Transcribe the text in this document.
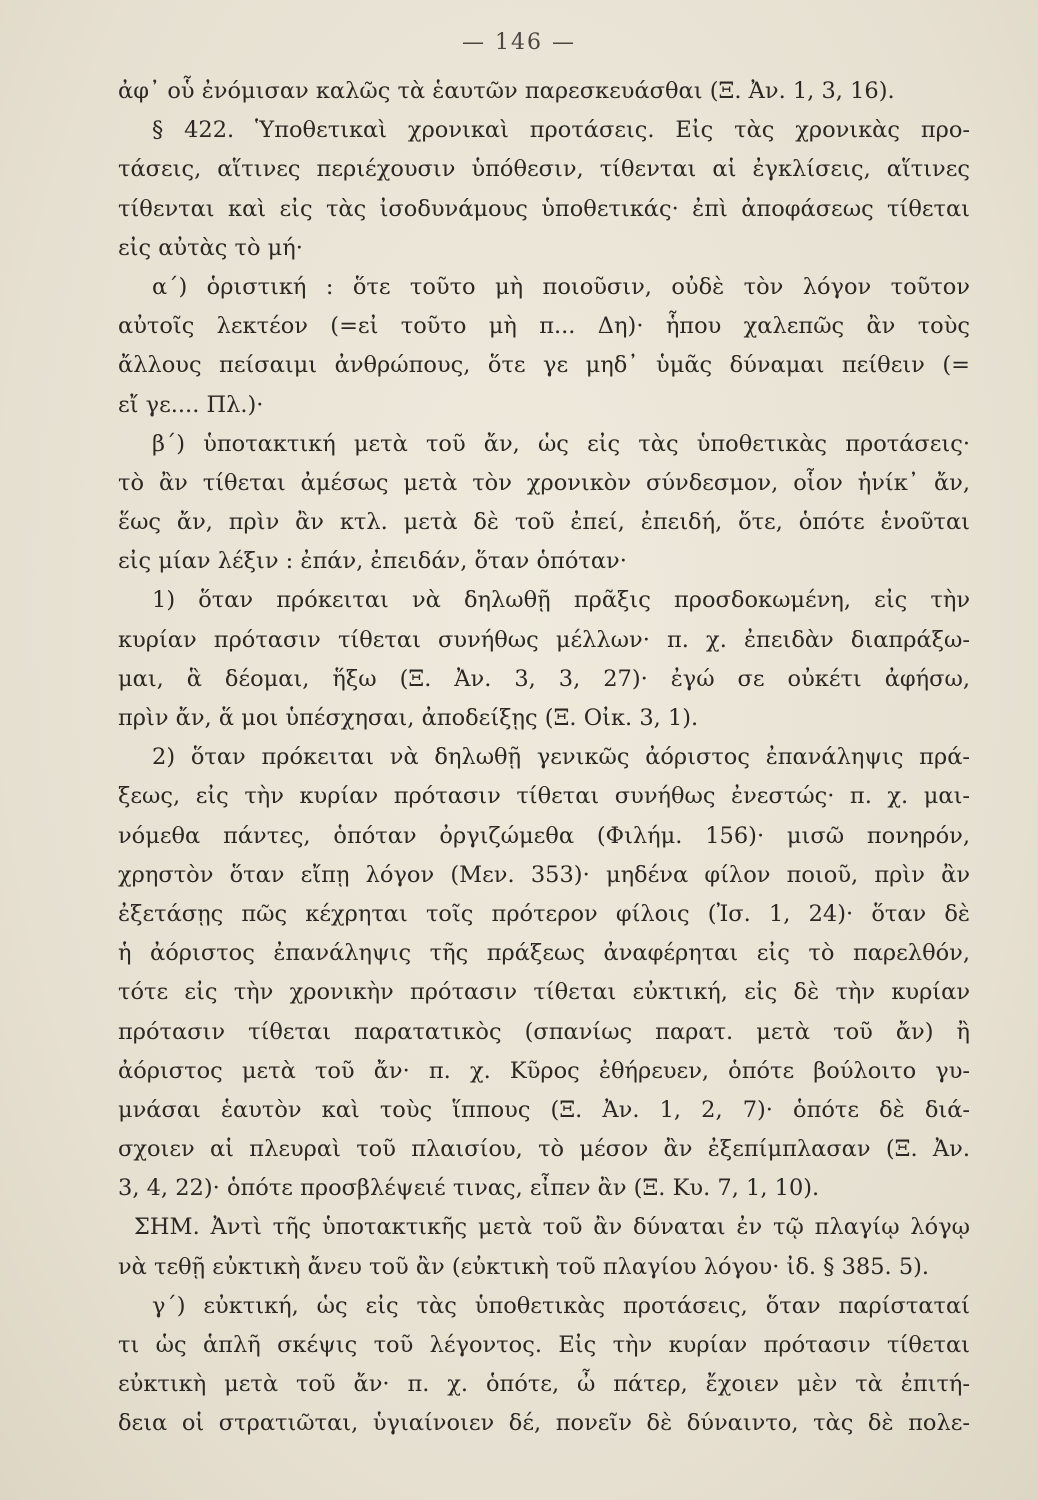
— 146 —
ἀφ᾽ οὗ ἐνόμισαν καλῶς τὰ ἑαυτῶν παρεσκευάσθαι (Ξ. Ἀν. 1, 3, 16).
§ 422. Ὑποθετικαὶ χρονικαὶ προτάσεις. Εἰς τὰς χρονικὰς προ-
τάσεις, αἵτινες περιέχουσιν ὑπόθεσιν, τίθενται αἱ ἐγκλίσεις, αἵτινες
τίθενται καὶ εἰς τὰς ἰσοδυνάμους ὑποθετικάς· ἐπὶ ἀποφάσεως τίθεται
εἰς αὐτὰς τὸ μή·
α΄) ὁριστική : ὅτε τοῦτο μὴ ποιοῦσιν, οὐδὲ τὸν λόγον τοῦτον
αὐτοῖς λεκτέον (=εἰ τοῦτο μὴ π... Δη)· ἧπου χαλεπῶς ἂν τοὺς
ἄλλους πείσαιμι ἀνθρώπους, ὅτε γε μηδ᾽ ὑμᾶς δύναμαι πείθειν (=
εἴ γε.... Πλ.)·
β΄) ὑποτακτική μετὰ τοῦ ἄν, ὡς εἰς τὰς ὑποθετικὰς προτάσεις·
τὸ ἂν τίθεται ἀμέσως μετὰ τὸν χρονικὸν σύνδεσμον, οἷον ἡνίκ᾽ ἄν,
ἕως ἄν, πρὶν ἂν κτλ. μετὰ δὲ τοῦ ἐπεί, ἐπειδή, ὅτε, ὁπότε ἑνοῦται
εἰς μίαν λέξιν : ἐπάν, ἐπειδάν, ὅταν ὁπόταν·
1) ὅταν πρόκειται νὰ δηλωθῇ πρᾶξις προσδοκωμένη, εἰς τὴν
κυρίαν πρότασιν τίθεται συνήθως μέλλων· π. χ. ἐπειδὰν διαπράξω-
μαι, ἃ δέομαι, ἥξω (Ξ. Ἀν. 3, 3, 27)· ἐγώ σε οὐκέτι ἀφήσω,
πρὶν ἄν, ἅ μοι ὑπέσχησαι, ἀποδείξῃς (Ξ. Οἰκ. 3, 1).
2) ὅταν πρόκειται νὰ δηλωθῇ γενικῶς ἀόριστος ἐπανάληψις πρά-
ξεως, εἰς τὴν κυρίαν πρότασιν τίθεται συνήθως ἐνεστώς· π. χ. μαι-
νόμεθα πάντες, ὁπόταν ὀργιζώμεθα (Φιλήμ. 156)· μισῶ πονηρόν,
χρηστὸν ὅταν εἴπῃ λόγον (Μεν. 353)· μηδένα φίλον ποιοῦ, πρὶν ἂν
ἐξετάσῃς πῶς κέχρηται τοῖς πρότερον φίλοις (Ἰσ. 1, 24)· ὅταν δὲ
ἡ ἀόριστος ἐπανάληψις τῆς πράξεως ἀναφέρηται εἰς τὸ παρελθόν,
τότε εἰς τὴν χρονικὴν πρότασιν τίθεται εὐκτική, εἰς δὲ τὴν κυρίαν
πρότασιν τίθεται παρατατικὸς (σπανίως παρατ. μετὰ τοῦ ἄν) ἢ
ἀόριστος μετὰ τοῦ ἄν· π. χ. Κῦρος ἐθήρευεν, ὁπότε βούλοιτο γυ-
μνάσαι ἑαυτὸν καὶ τοὺς ἵππους (Ξ. Ἀν. 1, 2, 7)· ὁπότε δὲ διά-
σχοιεν αἱ πλευραὶ τοῦ πλαισίου, τὸ μέσον ἂν ἐξεπίμπλασαν (Ξ. Ἀν.
3, 4, 22)· ὁπότε προσβλέψειέ τινας, εἶπεν ἂν (Ξ. Κυ. 7, 1, 10).
ΣΗΜ. Ἀντὶ τῆς ὑποτακτικῆς μετὰ τοῦ ἂν δύναται ἐν τῷ πλαγίῳ λόγῳ
νὰ τεθῇ εὐκτικὴ ἄνευ τοῦ ἂν (εὐκτικὴ τοῦ πλαγίου λόγου· ἰδ. § 385. 5).
γ΄) εὐκτική, ὡς εἰς τὰς ὑποθετικὰς προτάσεις, ὅταν παρίσταταί
τι ὡς ἁπλῆ σκέψις τοῦ λέγοντος. Εἰς τὴν κυρίαν πρότασιν τίθεται
εὐκτικὴ μετὰ τοῦ ἄν· π. χ. ὁπότε, ὦ πάτερ, ἔχοιεν μὲν τὰ ἐπιτή-
δεια οἱ στρατιῶται, ὑγιαίνοιεν δέ, πονεῖν δὲ δύναιντο, τὰς δὲ πολε-
